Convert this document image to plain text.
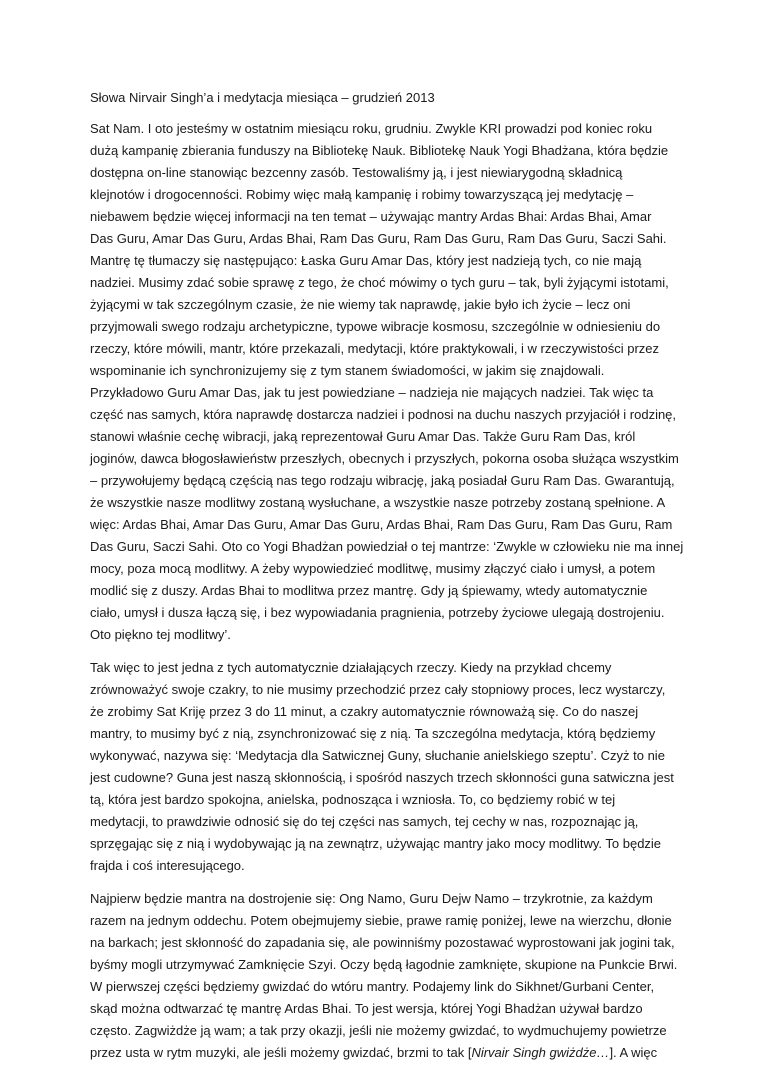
Słowa Nirvair Singh’a i medytacja miesiąca – grudzień 2013

Sat Nam. I oto jesteśmy w ostatnim miesiącu roku, grudniu. Zwykle KRI prowadzi pod koniec roku
dużą kampanię zbierania funduszy na Bibliotekę Nauk. Bibliotekę Nauk Yogi Bhadżana, która będzie
dostępna on-line stanowiąc bezcenny zasób. Testowaliśmy ją, i jest niewiarygodną składnicą
klejnotów i drogocenności. Robimy więc małą kampanię i robimy towarzyszącą jej medytację –
niebawem będzie więcej informacji na ten temat – używając mantry Ardas Bhai: Ardas Bhai, Amar
Das Guru, Amar Das Guru, Ardas Bhai, Ram Das Guru, Ram Das Guru, Ram Das Guru, Saczi Sahi.
Mantrę tę tłumaczy się następująco: Łaska Guru Amar Das, który jest nadzieją tych, co nie mają
nadziei. Musimy zdać sobie sprawę z tego, że choć mówimy o tych guru – tak, byli żyjącymi istotami,
żyjącymi w tak szczególnym czasie, że nie wiemy tak naprawdę, jakie było ich życie – lecz oni
przyjmowali swego rodzaju archetypiczne, typowe wibracje kosmosu, szczególnie w odniesieniu do
rzeczy, które mówili, mantr, które przekazali, medytacji, które praktykowali, i w rzeczywistości przez
wspominanie ich synchronizujemy się z tym stanem świadomości, w jakim się znajdowali.
Przykładowo Guru Amar Das, jak tu jest powiedziane – nadzieja nie mających nadziei. Tak więc ta
część nas samych, która naprawdę dostarcza nadziei i podnosi na duchu naszych przyjaciół i rodzinę,
stanowi właśnie cechę wibracji, jaką reprezentował Guru Amar Das. Także Guru Ram Das, król
joginów, dawca błogosławieństw przeszłych, obecnych i przyszłych, pokorna osoba służąca wszystkim
– przywołujemy będącą częścią nas tego rodzaju wibrację, jaką posiadał Guru Ram Das. Gwarantują,
że wszystkie nasze modlitwy zostaną wysłuchane, a wszystkie nasze potrzeby zostaną spełnione. A
więc: Ardas Bhai, Amar Das Guru, Amar Das Guru, Ardas Bhai, Ram Das Guru, Ram Das Guru, Ram
Das Guru, Saczi Sahi. Oto co Yogi Bhadżan powiedział o tej mantrze: ‘Zwykle w człowieku nie ma innej
mocy, poza mocą modlitwy. A żeby wypowiedzieć modlitwę, musimy złączyć ciało i umysł, a potem
modlić się z duszy. Ardas Bhai to modlitwa przez mantrę. Gdy ją śpiewamy, wtedy automatycznie
ciało, umysł i dusza łączą się, i bez wypowiadania pragnienia, potrzeby życiowe ulegają dostrojeniu.
Oto piękno tej modlitwy’.
Tak więc to jest jedna z tych automatycznie działających rzeczy. Kiedy na przykład chcemy
zrównoważyć swoje czakry, to nie musimy przechodzić przez cały stopniowy proces, lecz wystarczy,
że zrobimy Sat Kriję przez 3 do 11 minut, a czakry automatycznie równoważą się. Co do naszej
mantry, to musimy być z nią, zsynchronizować się z nią. Ta szczególna medytacja, którą będziemy
wykonywać, nazywa się: ‘Medytacja dla Satwicznej Guny, słuchanie anielskiego szeptu’. Czyż to nie
jest cudowne? Guna jest naszą skłonnością, i spośród naszych trzech skłonności guna satwiczna jest
tą, która jest bardzo spokojna, anielska, podnosząca i wzniosła. To, co będziemy robić w tej
medytacji, to prawdziwie odnosić się do tej części nas samych, tej cechy w nas, rozpoznając ją,
sprzęgając się z nią i wydobywając ją na zewnątrz, używając mantry jako mocy modlitwy. To będzie
frajda i coś interesującego.
Najpierw będzie mantra na dostrojenie się: Ong Namo, Guru Dejw Namo – trzykrotnie, za każdym
razem na jednym oddechu. Potem obejmujemy siebie, prawe ramię poniżej, lewe na wierzchu, dłonie
na barkach; jest skłonność do zapadania się, ale powinniśmy pozostawać wyprostowani jak jogini tak,
byśmy mogli utrzymywać Zamknięcie Szyi. Oczy będą łagodnie zamknięte, skupione na Punkcie Brwi.
W pierwszej części będziemy gwizdać do wtóru mantry. Podajemy link do Sikhnet/Gurbani Center,
skąd można odtwarzać tę mantrę Ardas Bhai. To jest wersja, której Yogi Bhadżan używał bardzo
często. Zagwiżdże ją wam; a tak przy okazji, jeśli nie możemy gwizdać, to wydmuchujemy powietrze
przez usta w rytm muzyki, ale jeśli możemy gwizdać, brzmi to tak [Nirvair Singh gwiżdże…]. A więc
